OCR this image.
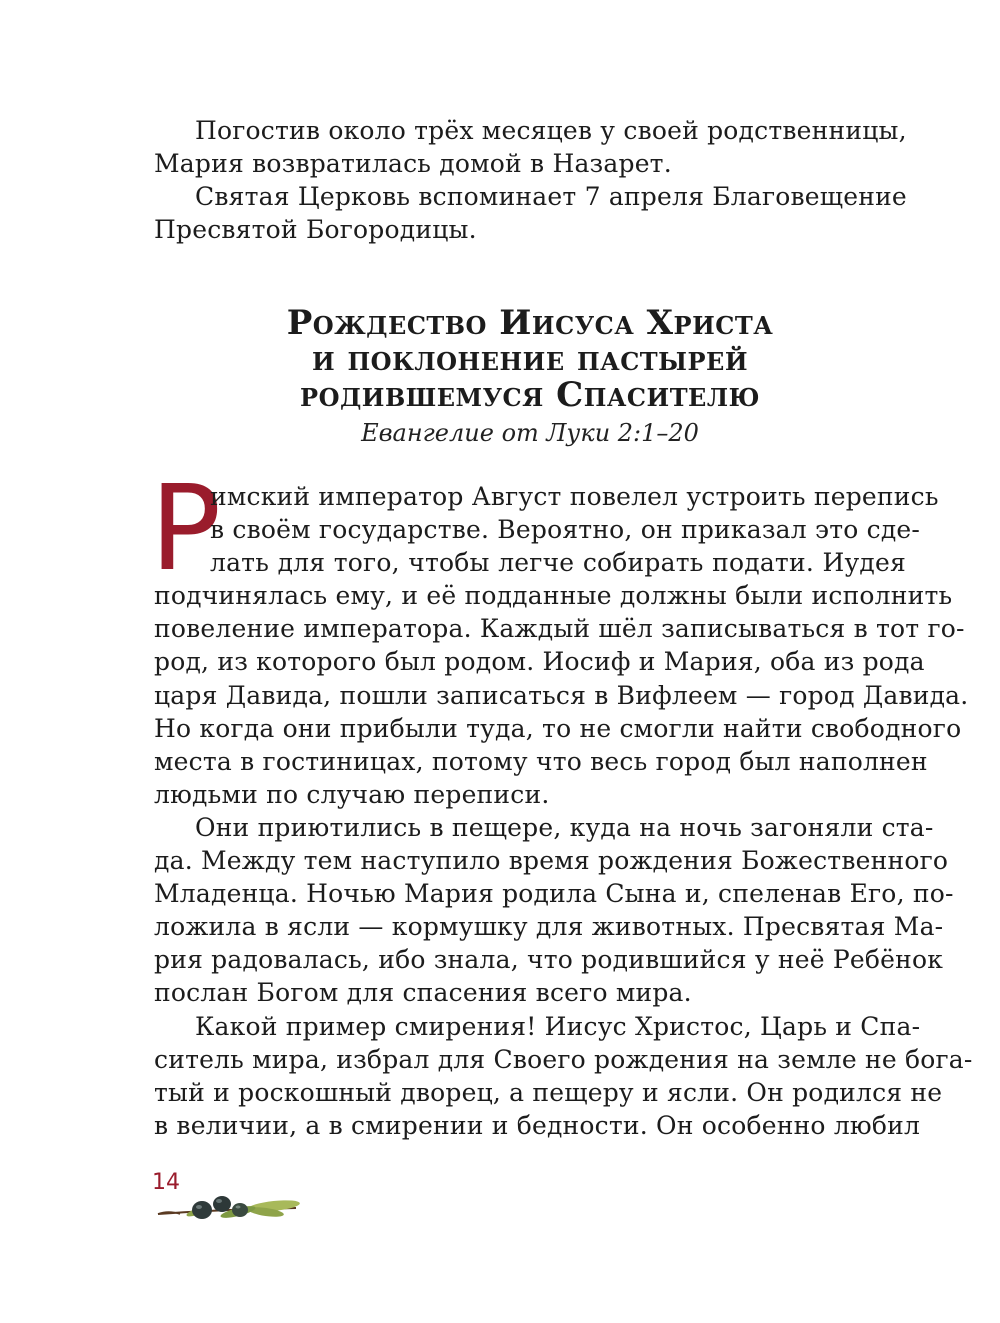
Погостив около трёх месяцев у своей родственницы,
Мария возвратилась домой в Назарет.
Святая Церковь вспоминает 7 апреля Благовещение
Пресвятой Богородицы.
Рождество Иисуса Христа
и поклонение пастырей
родившемуся Спасителю
Евангелие от Луки 2:1–20
Р
имский император Август повелел устроить перепись
в своём государстве. Вероятно, он приказал это сде-
лать для того, чтобы легче собирать подати. Иудея
подчинялась ему, и её подданные должны были исполнить
повеление императора. Каждый шёл записываться в тот го-
род, из которого был родом. Иосиф и Мария, оба из рода
царя Давида, пошли записаться в Вифлеем — город Давида.
Но когда они прибыли туда, то не смогли найти свободного
места в гостиницах, потому что весь город был наполнен
людьми по случаю переписи.
Они приютились в пещере, куда на ночь загоняли ста-
да. Между тем наступило время рождения Божественного
Младенца. Ночью Мария родила Сына и, спеленав Его, по-
ложила в ясли — кормушку для животных. Пресвятая Ма-
рия радовалась, ибо знала, что родившийся у неё Ребёнок
послан Богом для спасения всего мира.
Какой пример смирения! Иисус Христос, Царь и Спа-
ситель мира, избрал для Своего рождения на земле не бога-
тый и роскошный дворец, а пещеру и ясли. Он родился не
в величии, а в смирении и бедности. Он особенно любил
14
